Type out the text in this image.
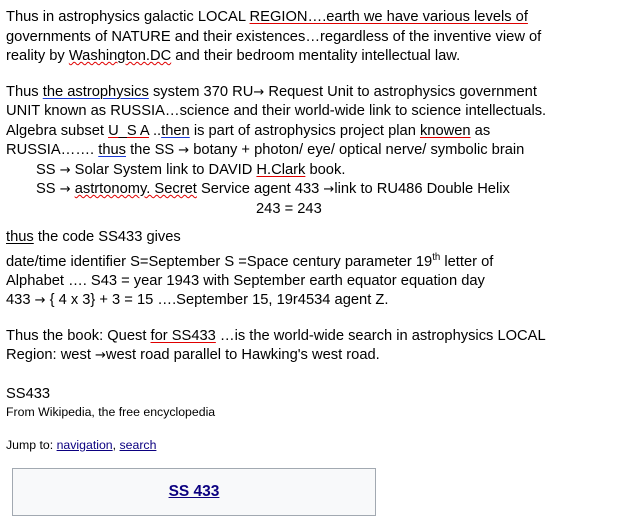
Thus in astrophysics galactic LOCAL REGION….earth we have various levels of
governments of NATURE and their existences…regardless of the inventive view of
reality by Washington.DC and their bedroom mentality intellectual law.
Thus the astrophysics system 370 RU→ Request Unit to astrophysics government
UNIT known as RUSSIA…science and their world-wide link to science intellectuals.
Algebra subset U_S A ..then is part of astrophysics project plan knowen as
RUSSIA……. thus the SS → botany + photon/ eye/ optical nerve/ symbolic brain
SS → Solar System link to DAVID H.Clark book.
SS → astrtonomy. Secret Service agent 433 →link to RU486 Double Helix
243 = 243
thus the code SS433 gives
date/time identifier S=September S =Space century parameter 19th letter of
Alphabet …. S43 = year 1943 with September earth equator equation day
433 → { 4 x 3} + 3 = 15 ….September 15, 19r4534 agent Z.
Thus the book: Quest for SS433 …is the world-wide search in astrophysics LOCAL
Region: west →west road parallel to Hawking's west road.
SS433
From Wikipedia, the free encyclopedia
Jump to: navigation, search
SS 433
